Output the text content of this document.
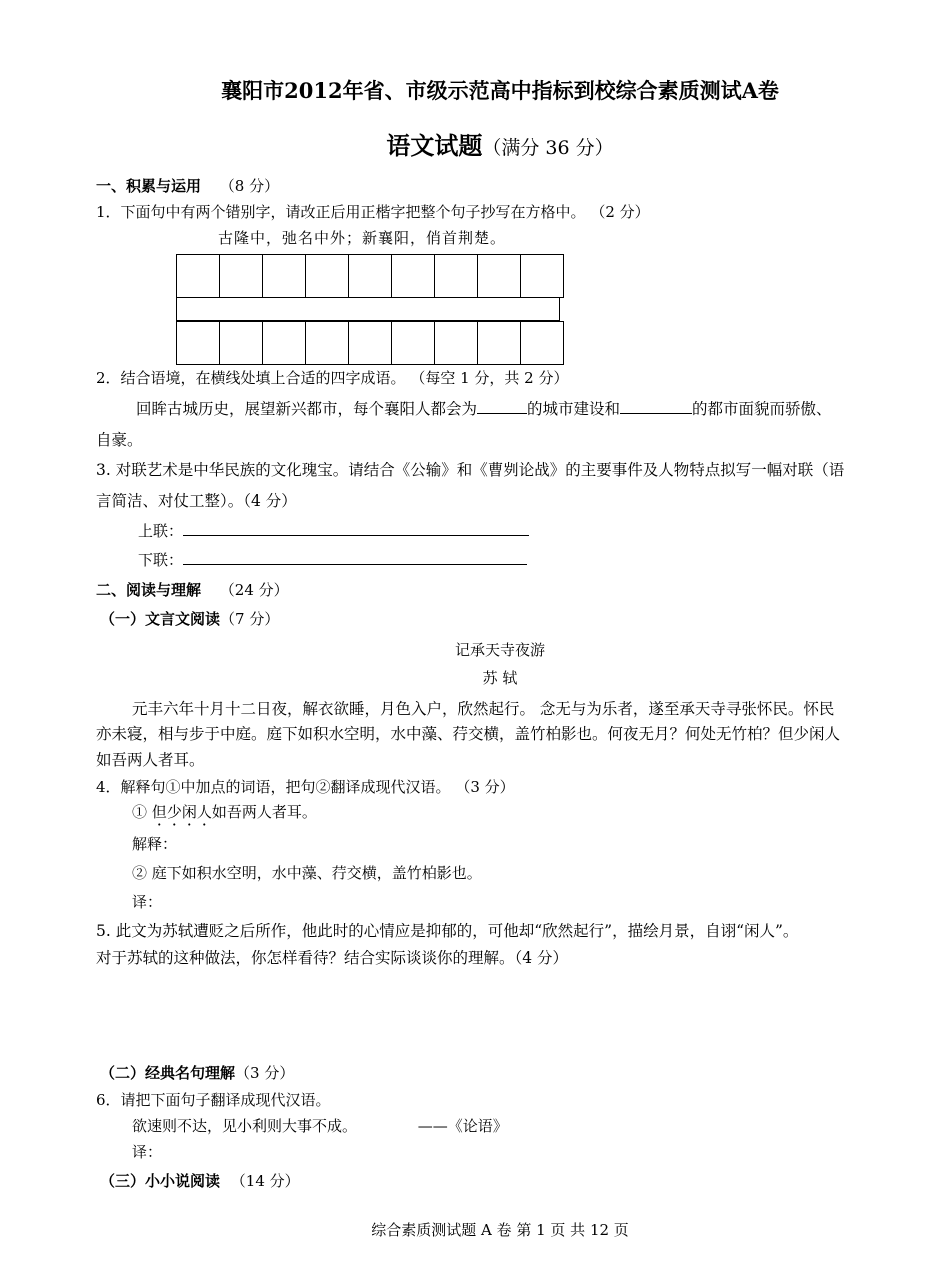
襄阳市2012年省、市级示范高中指标到校综合素质测试A卷
语文试题（满分 36 分）
一、积累与运用 （8 分）
1．下面句中有两个错别字，请改正后用正楷字把整个句子抄写在方格中。 （2 分）
古隆中，弛名中外；新襄阳，俏首荆楚。

2．结合语境，在横线处填上合适的四字成语。 （每空 1 分，共 2 分）
回眸古城历史，展望新兴都市，每个襄阳人都会为	的城市建设和	的都市面貌而骄傲、
自豪。
3. 对联艺术是中华民族的文化瑰宝。请结合《公输》和《曹刿论战》的主要事件及人物特点拟写一幅对联（语
言简洁、对仗工整）。（4 分）
上联：
下联：
二、阅读与理解 （24 分）
（一）文言文阅读（7 分）
记承天寺夜游
苏 轼
元丰六年十月十二日夜，解衣欲睡，月色入户，欣然起行。 念无与为乐者，遂至承天寺寻张怀民。怀民
亦未寝，相与步于中庭。庭下如积水空明，水中藻、荇交横，盖竹柏影也。何夜无月？何处无竹柏？但少闲人
如吾两人者耳。
4．解释句①中加点的词语，把句②翻译成现代汉语。 （3 分）
① 但少闲人如吾两人者耳。
解释：
② 庭下如积水空明，水中藻、荇交横，盖竹柏影也。
译：
5. 此文为苏轼遭贬之后所作，他此时的心情应是抑郁的，可他却“欣然起行”，描绘月景，自诩“闲人”。
对于苏轼的这种做法，你怎样看待？结合实际谈谈你的理解。（4 分）
（二）经典名句理解（3 分）
6．请把下面句子翻译成现代汉语。
欲速则不达，见小利则大事不成。	——《论语》
译：
（三）小小说阅读 （14 分）
综合素质测试题 A 卷 第 1 页 共 12 页
